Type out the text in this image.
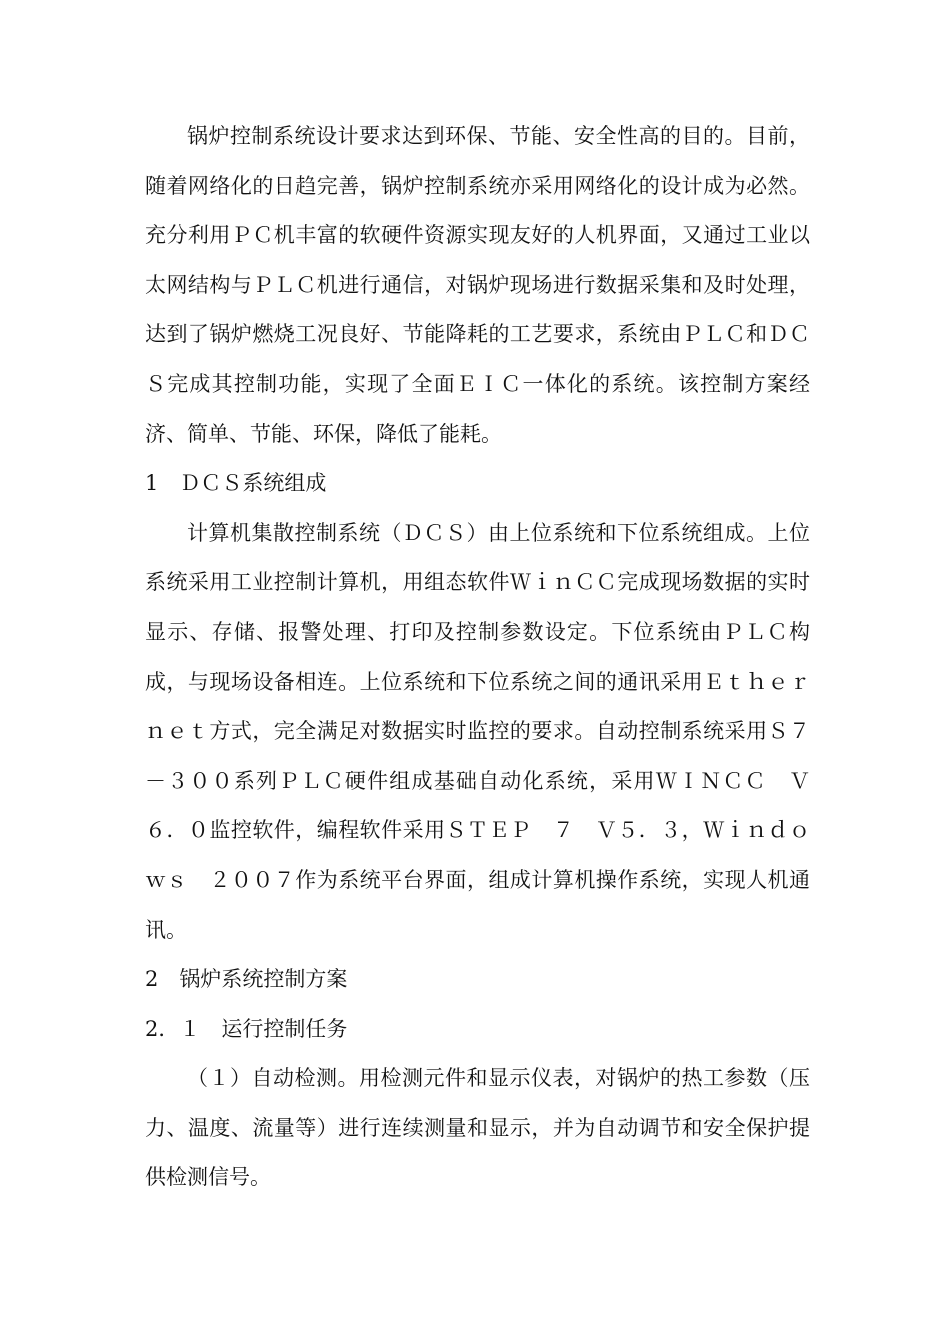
锅炉控制系统设计要求达到环保、节能、安全性高的目的。目前，随着网络化的日趋完善，锅炉控制系统亦采用网络化的设计成为必然。充分利用ＰＣ机丰富的软硬件资源实现友好的人机界面，又通过工业以太网结构与ＰＬＣ机进行通信，对锅炉现场进行数据采集和及时处理，达到了锅炉燃烧工况良好、节能降耗的工艺要求，系统由ＰＬＣ和ＤＣＳ完成其控制功能，实现了全面ＥＩＣ一体化的系统。该控制方案经济、简单、节能、环保，降低了能耗。

1　ＤＣＳ系统组成

计算机集散控制系统（ＤＣＳ）由上位系统和下位系统组成。上位系统采用工业控制计算机，用组态软件ＷｉｎＣＣ完成现场数据的实时显示、存储、报警处理、打印及控制参数设定。下位系统由ＰＬＣ构成，与现场设备相连。上位系统和下位系统之间的通讯采用Ｅｔｈｅｒｎｅｔ方式，完全满足对数据实时监控的要求。自动控制系统采用Ｓ７－３００系列ＰＬＣ硬件组成基础自动化系统，采用ＷＩＮＣＣ　Ｖ６．０监控软件，编程软件采用ＳＴＥＰ　７　Ｖ５．３，Ｗｉｎｄｏｗｓ　２００７作为系统平台界面，组成计算机操作系统，实现人机通讯。

2　锅炉系统控制方案

2．１　运行控制任务

（１）自动检测。用检测元件和显示仪表，对锅炉的热工参数（压力、温度、流量等）进行连续测量和显示，并为自动调节和安全保护提供检测信号。
